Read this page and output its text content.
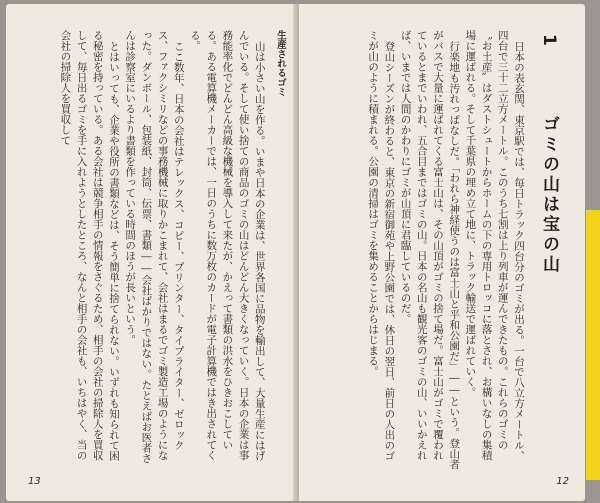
生産されるゴミ

山は小さい山を作る。いまや日本の企業は、世界各国に品物を輸出して、大量生産にはげんでいる。そして使い捨ての商品のゴミの山はどんどん大きくなっていく。日本の企業は事務能率化でどんどん高級な機械を導入して来たが、かえって書類の洪水をひきおこしている。ある電算機メーカーでは、一日のうちに数万枚のカードが電子計算機ではき出されてくる。

ここ数年、日本の会社はテレックス、コピー、プリンター、タイプライター、ゼロックス、ファクシミリなどの事務機械に取りかこまれて、会社はまるでゴミ製造工場のようになった。ダンボール、包装紙、封筒、伝票、書類――会社ばかりではない。たとえばお医者さんは診察室にいるより書類を作っている時間のほうが長いという。

とはいっても、企業や役所の書類などは、そう簡単に捨てられない。いずれも知られて困る秘密を持っている。ある会社は競争相手の情報をさぐるため、相手の会社の掃除人を買収して、毎日出るゴミを手に入れようとしたところ、なんと相手の会社も、いちはやく、当の会社の掃除人を買収して

13
1 　 ゴミの山は宝の山

日本の表玄関、東京駅では、毎日トラック四台分のゴミが出る。一台で八立方メートル、四台で三十二立方メートル。このうち七割は上り列車が運んできたもの。これらのゴミの〝お土産〟はダストシュートからホームの下の専用トロッコに落とされ、お構いなしの集積場に運ばれる。そして千葉県の埋め立て地に、トラック輸送で運ばれていく。

行楽地も汚れっぱなしだ。「われら神経使うのは富士山と平和公園だ」――という。登山者がバスで大量に運ばれてくる富士山は、その山頂がゴミの捨て場だ。富士山がゴミで覆われているとまでいわれ、五合目まではゴミの山。日本の名山も観光客のゴミの山、いいかえれば、いまでは人間のかわりにゴミが山頂に君臨しているのだ。

登山シーズンが終わると、東京の新宿御苑や上野公園では、休日の翌日、前日の人出のゴミが山のように積まれる。公園の清掃はゴミを集めることからはじまる。

12
